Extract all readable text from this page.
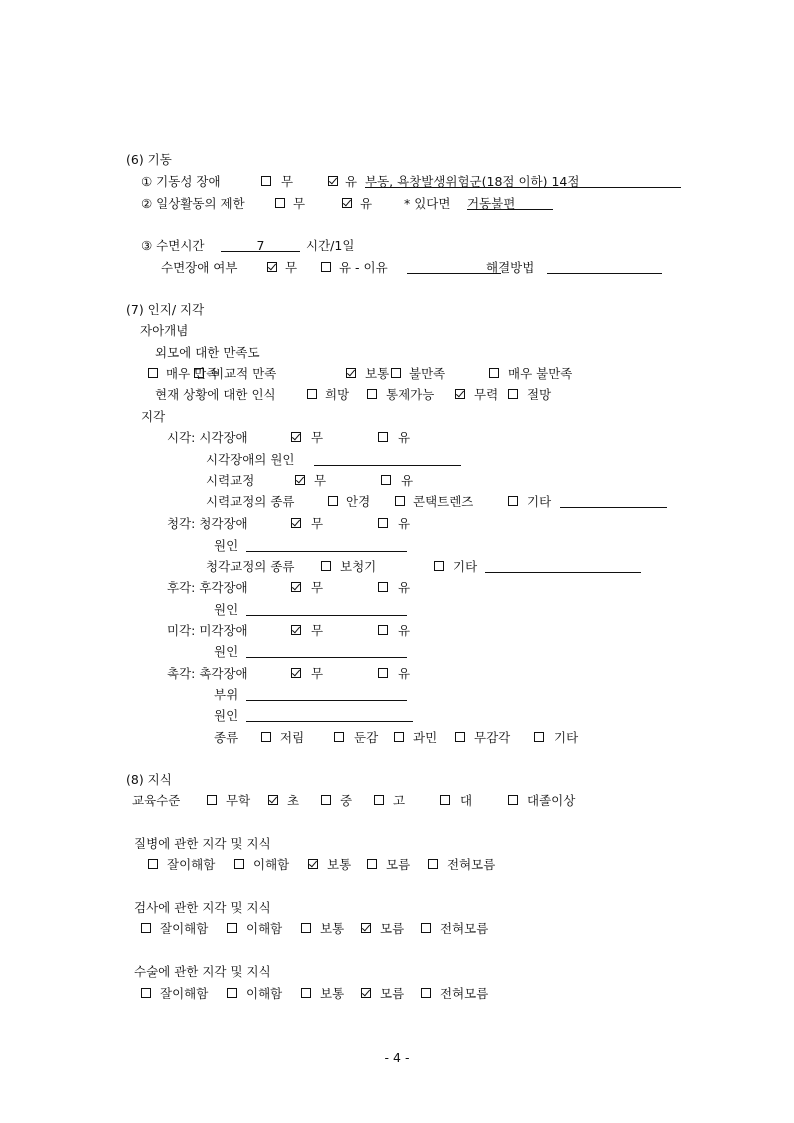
(6) 기동
① 기동성 장애	무	유 부동, 욕창발생위험군(18점 이하) 14점
② 일상활동의 제한	무	유	* 있다면 거동불편
③ 수면시간	7	시간/1일
수면장애 여부	무	유 - 이유	해결방법
(7) 인지/ 지각
자아개념
외모에 대한 만족도
매우 만족
비교적 만족	보통 불만족	매우 불만족
현재 상황에 대한 인식	희망	통제가능	무력 절망
지각
시각: 시각장애	무	유
시각장애의 원인
시력교정	무	유
시력교정의 종류	안경	콘택트렌즈	기타
청각: 청각장애	무	유
원인
청각교정의 종류	보청기	기타
후각: 후각장애	무	유
원인
미각: 미각장애	무	유
원인
촉각: 촉각장애	무	유
부위
원인
종류	저림	둔감	과민	무감각	기타
(8) 지식
교육수준	무학	초	중	고	대	대졸이상
질병에 관한 지각 및 지식
잘이해함	이해함	보통	모름	전혀모름
검사에 관한 지각 및 지식
잘이해함	이해함	보통	모름	전혀모름
수술에 관한 지각 및 지식
잘이해함	이해함	보통	모름	전혀모름
- 4 -
